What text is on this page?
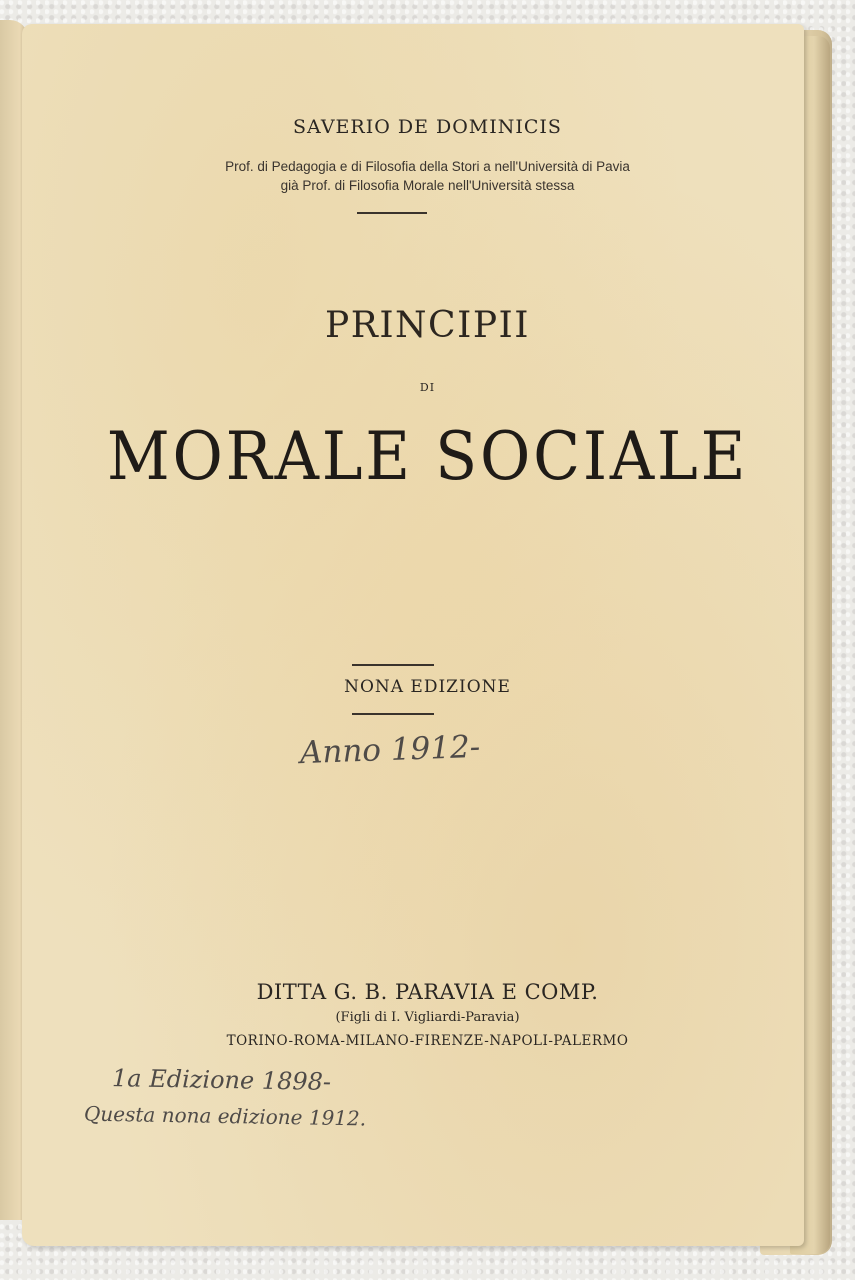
SAVERIO DE DOMINICIS
Prof. di Pedagogia e di Filosofia della Stori a nell'Università di Pavia
già Prof. di Filosofia Morale nell'Università stessa
PRINCIPII
DI
MORALE SOCIALE
NONA EDIZIONE
Anno 1912-
DITTA G. B. PARAVIA E COMP.
(Figli di I. Vigliardi-Paravia)
TORINO-ROMA-MILANO-FIRENZE-NAPOLI-PALERMO
1a Edizione 1898-
Questa nona edizione 1912.
